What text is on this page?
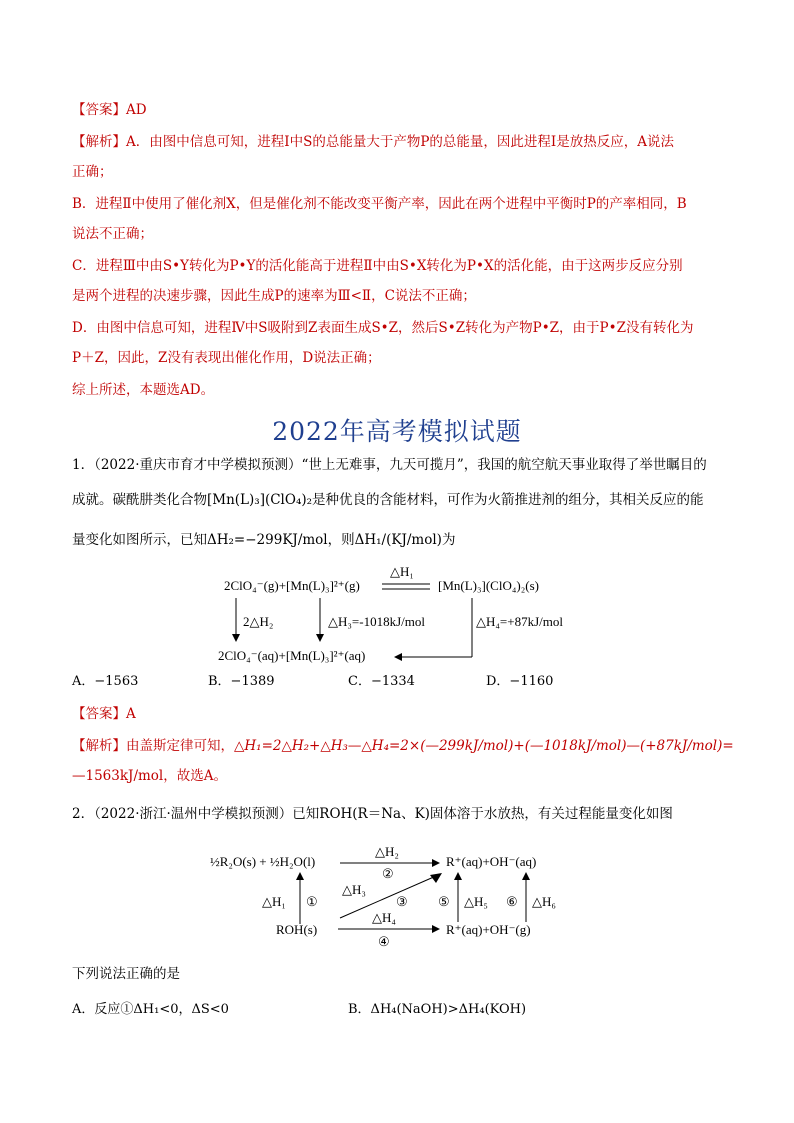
【答案】AD
【解析】A．由图中信息可知，进程Ⅰ中S的总能量大于产物P的总能量，因此进程Ⅰ是放热反应，A说法
正确；
B．进程Ⅱ中使用了催化剂X，但是催化剂不能改变平衡产率，因此在两个进程中平衡时P的产率相同，B
说法不正确；
C．进程Ⅲ中由S•Y转化为P•Y的活化能高于进程Ⅱ中由S•X转化为P•X的活化能，由于这两步反应分别
是两个进程的决速步骤，因此生成P的速率为Ⅲ<Ⅱ，C说法不正确；
D．由图中信息可知，进程Ⅳ中S吸附到Z表面生成S•Z，然后S•Z转化为产物P•Z，由于P•Z没有转化为
P＋Z，因此，Z没有表现出催化作用，D说法正确；
综上所述，本题选AD。
2022年高考模拟试题
1．（2022·重庆市育才中学模拟预测）“世上无难事，九天可揽月”，我国的航空航天事业取得了举世瞩目的
成就。碳酰肼类化合物[Mn(L)₃](ClO₄)₂是种优良的含能材料，可作为火箭推进剂的组分，其相关反应的能
量变化如图所示，已知ΔH₂=−299KJ/mol，则ΔH₁/(KJ/mol)为
2ClO₄⁻(g)+[Mn(L)₃]²⁺(g)
△H₁
[Mn(L)₃](ClO₄)₂(s)
2△H₂	△H₃=-1018kJ/mol	△H₄=+87kJ/mol
2ClO₄⁻(aq)+[Mn(L)₃]²⁺(aq)
A．−1563	B．−1389	C．−1334	D．−1160
【答案】A
【解析】由盖斯定律可知，△H₁=2△H₂+△H₃—△H₄=2×(—299kJ/mol)+(—1018kJ/mol)—(+87kJ/mol)=
—1563kJ/mol，故选A。
2．（2022·浙江·温州中学模拟预测）已知ROH(R＝Na、K)固体溶于水放热，有关过程能量变化如图
½R₂O(s) + ½H₂O(l)
△H₂
②
R⁺(aq)+OH⁻(aq)
△H₁ ①
△H₃
③
ROH(s)
△H₄
④
R⁺(aq)+OH⁻(g)
⑤ △H₅ ⑥ △H₆
下列说法正确的是
A．反应①ΔH₁<0，ΔS<0	B．ΔH₄(NaOH)>ΔH₄(KOH)
